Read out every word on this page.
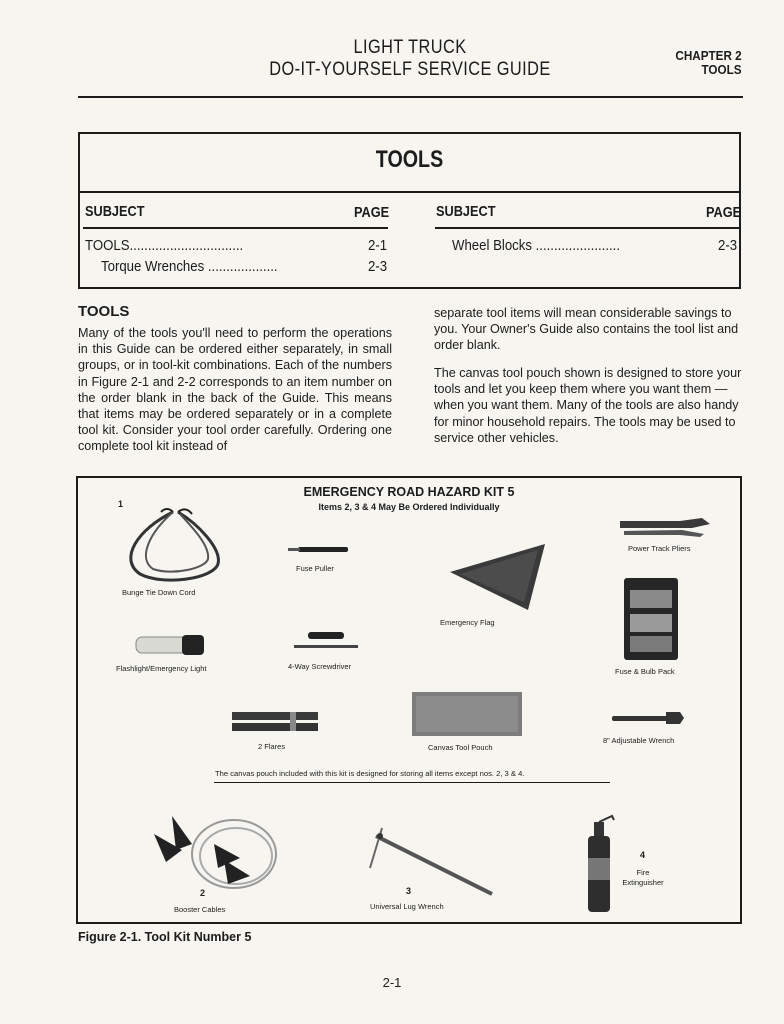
LIGHT TRUCK
DO-IT-YOURSELF SERVICE GUIDE
CHAPTER 2
TOOLS
TOOLS
SUBJECT	PAGE	SUBJECT	PAGE
TOOLS...............................	2-1
Torque Wrenches ...................	2-3
Wheel Blocks .......................	2-3
TOOLS
Many of the tools you'll need to perform the operations in this Guide can be ordered either separately, in small groups, or in tool-kit combinations. Each of the numbers in Figure 2-1 and 2-2 corresponds to an item number on the order blank in the back of the Guide. This means that items may be ordered separately or in a complete tool kit. Consider your tool order carefully. Ordering one complete tool kit instead of
separate tool items will mean considerable savings to you. Your Owner's Guide also contains the tool list and order blank.
The canvas tool pouch shown is designed to store your tools and let you keep them where you want them — when you want them. Many of the tools are also handy for minor household repairs. The tools may be used to service other vehicles.
EMERGENCY ROAD HAZARD KIT 5
Items 2, 3 & 4 May Be Ordered Individually
1
Bunge Tie Down Cord
Fuse Puller
Emergency Flag
Power Track Pliers
Flashlight/Emergency Light	4-Way Screwdriver
Fuse & Bulb Pack
2 Flares	Canvas Tool Pouch
8" Adjustable Wrench
The canvas pouch included with this kit is designed for storing all items except nos. 2, 3 & 4.
2
Booster Cables
3
Universal Lug Wrench
4
Fire
Extinguisher
Figure 2-1. Tool Kit Number 5
2-1
